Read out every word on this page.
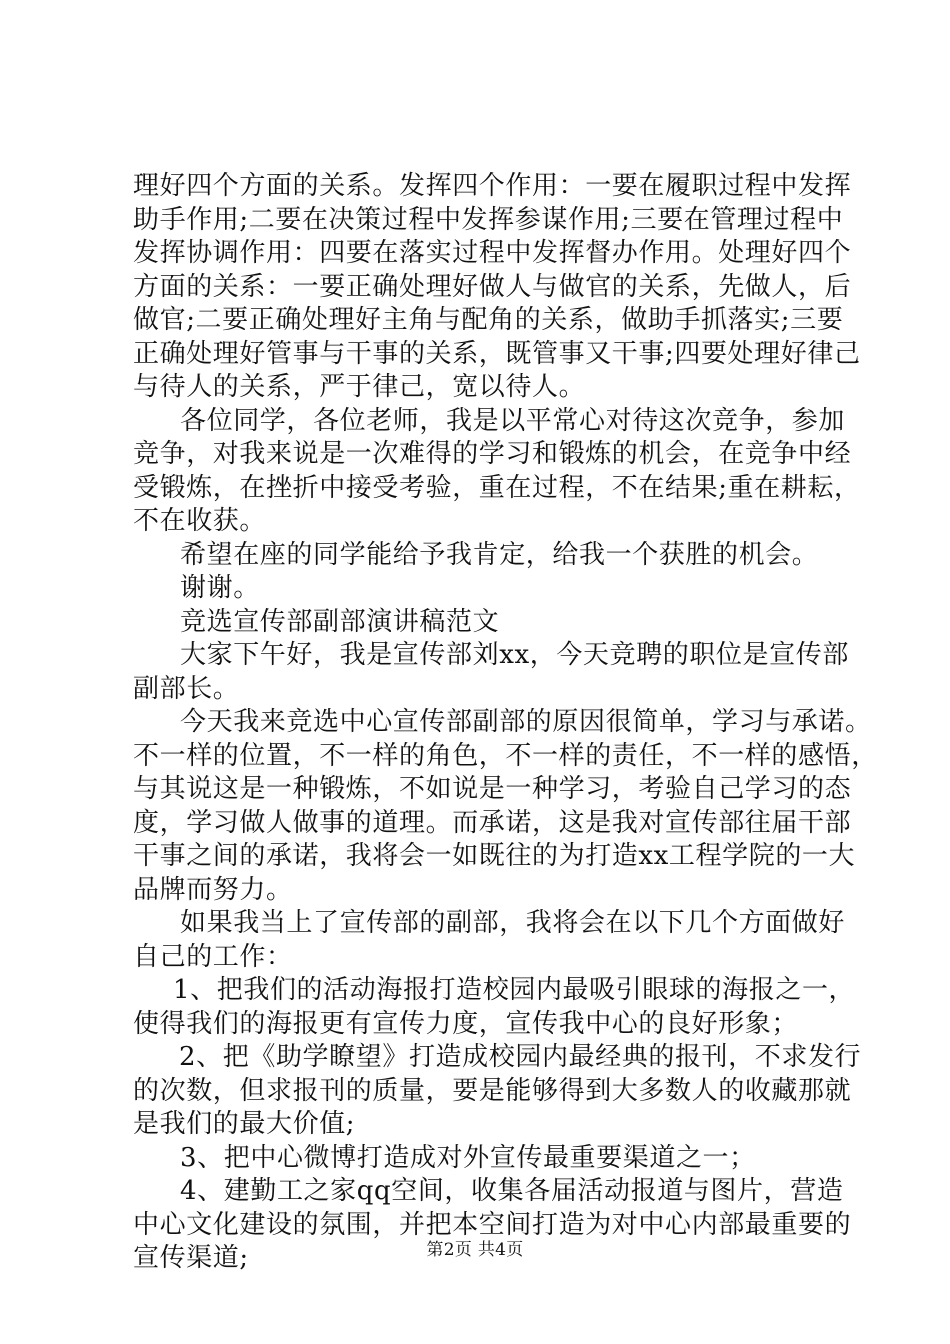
理好四个方面的关系。发挥四个作用：一要在履职过程中发挥
助手作用;二要在决策过程中发挥参谋作用;三要在管理过程中
发挥协调作用：四要在落实过程中发挥督办作用。处理好四个
方面的关系：一要正确处理好做人与做官的关系，先做人，后
做官;二要正确处理好主角与配角的关系，做助手抓落实;三要
正确处理好管事与干事的关系，既管事又干事;四要处理好律己
与待人的关系，严于律己，宽以待人。
各位同学，各位老师，我是以平常心对待这次竞争，参加
竞争，对我来说是一次难得的学习和锻炼的机会，在竞争中经
受锻炼，在挫折中接受考验，重在过程，不在结果;重在耕耘，
不在收获。
希望在座的同学能给予我肯定，给我一个获胜的机会。
谢谢。
竞选宣传部副部演讲稿范文
大家下午好，我是宣传部刘xx，今天竞聘的职位是宣传部
副部长。
今天我来竞选中心宣传部副部的原因很简单，学习与承诺。
不一样的位置，不一样的角色，不一样的责任，不一样的感悟，
与其说这是一种锻炼，不如说是一种学习，考验自己学习的态
度，学习做人做事的道理。而承诺，这是我对宣传部往届干部
干事之间的承诺，我将会一如既往的为打造xx工程学院的一大
品牌而努力。
如果我当上了宣传部的副部，我将会在以下几个方面做好
自己的工作：
1、把我们的活动海报打造校园内最吸引眼球的海报之一，
使得我们的海报更有宣传力度，宣传我中心的良好形象；
2、把《助学瞭望》打造成校园内最经典的报刊，不求发行
的次数，但求报刊的质量，要是能够得到大多数人的收藏那就
是我们的最大价值;
3、把中心微博打造成对外宣传最重要渠道之一；
4、建勤工之家qq空间，收集各届活动报道与图片，营造
中心文化建设的氛围，并把本空间打造为对中心内部最重要的
宣传渠道;	第2页 共4页
